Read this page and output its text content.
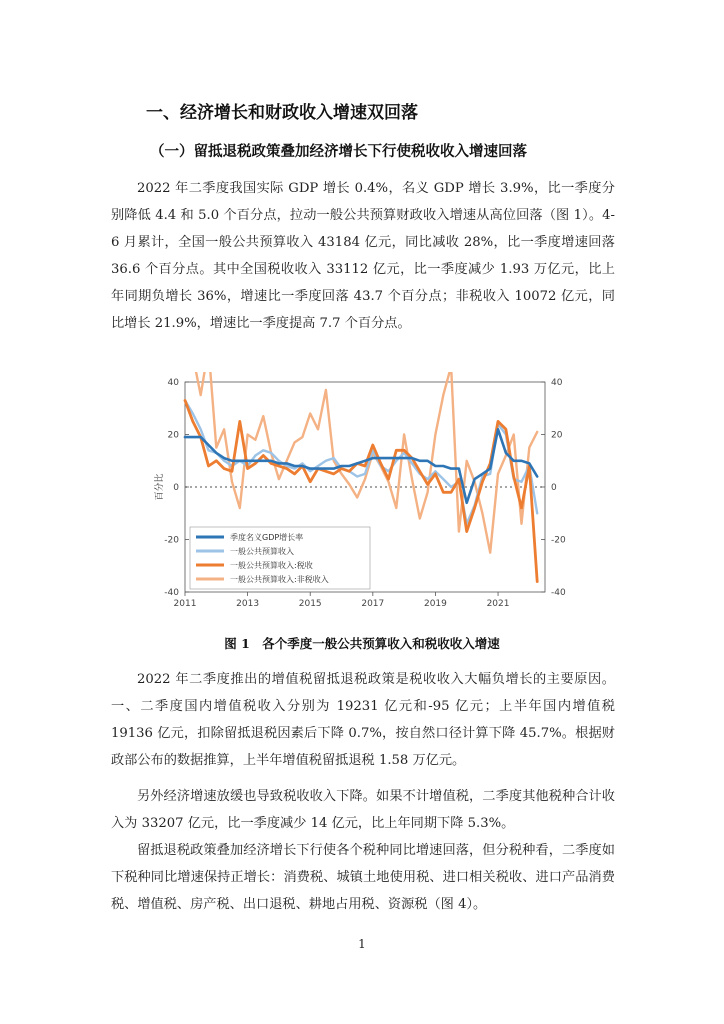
一、经济增长和财政收入增速双回落
（一）留抵退税政策叠加经济增长下行使税收收入增速回落
2022 年二季度我国实际 GDP 增长 0.4%，名义 GDP 增长 3.9%，比一季度分别降低 4.4 和 5.0 个百分点，拉动一般公共预算财政收入增速从高位回落（图 1）。4-6 月累计，全国一般公共预算收入 43184 亿元，同比减收 28%，比一季度增速回落 36.6 个百分点。其中全国税收收入 33112 亿元，比一季度减少 1.93 万亿元，比上年同期负增长 36%，增速比一季度回落 43.7 个百分点；非税收入 10072 亿元，同比增长 21.9%，增速比一季度提高 7.7 个百分点。
-40	-40
-20	-20
0	0
20	20
40	40
2011	2013	2015	2017	2019	2021
百分比
季度名义GDP增长率
一般公共预算收入
一般公共预算收入:税收
一般公共预算收入:非税收入
图 1　各个季度一般公共预算收入和税收收入增速
2022 年二季度推出的增值税留抵退税政策是税收收入大幅负增长的主要原因。一、二季度国内增值税收入分别为 19231 亿元和-95 亿元；上半年国内增值税 19136 亿元，扣除留抵退税因素后下降 0.7%，按自然口径计算下降 45.7%。根据财政部公布的数据推算，上半年增值税留抵退税 1.58 万亿元。
另外经济增速放缓也导致税收收入下降。如果不计增值税，二季度其他税种合计收入为 33207 亿元，比一季度减少 14 亿元，比上年同期下降 5.3%。
留抵退税政策叠加经济增长下行使各个税种同比增速回落，但分税种看，二季度如下税种同比增速保持正增长：消费税、城镇土地使用税、进口相关税收、进口产品消费税、增值税、房产税、出口退税、耕地占用税、资源税（图 4）。
1
